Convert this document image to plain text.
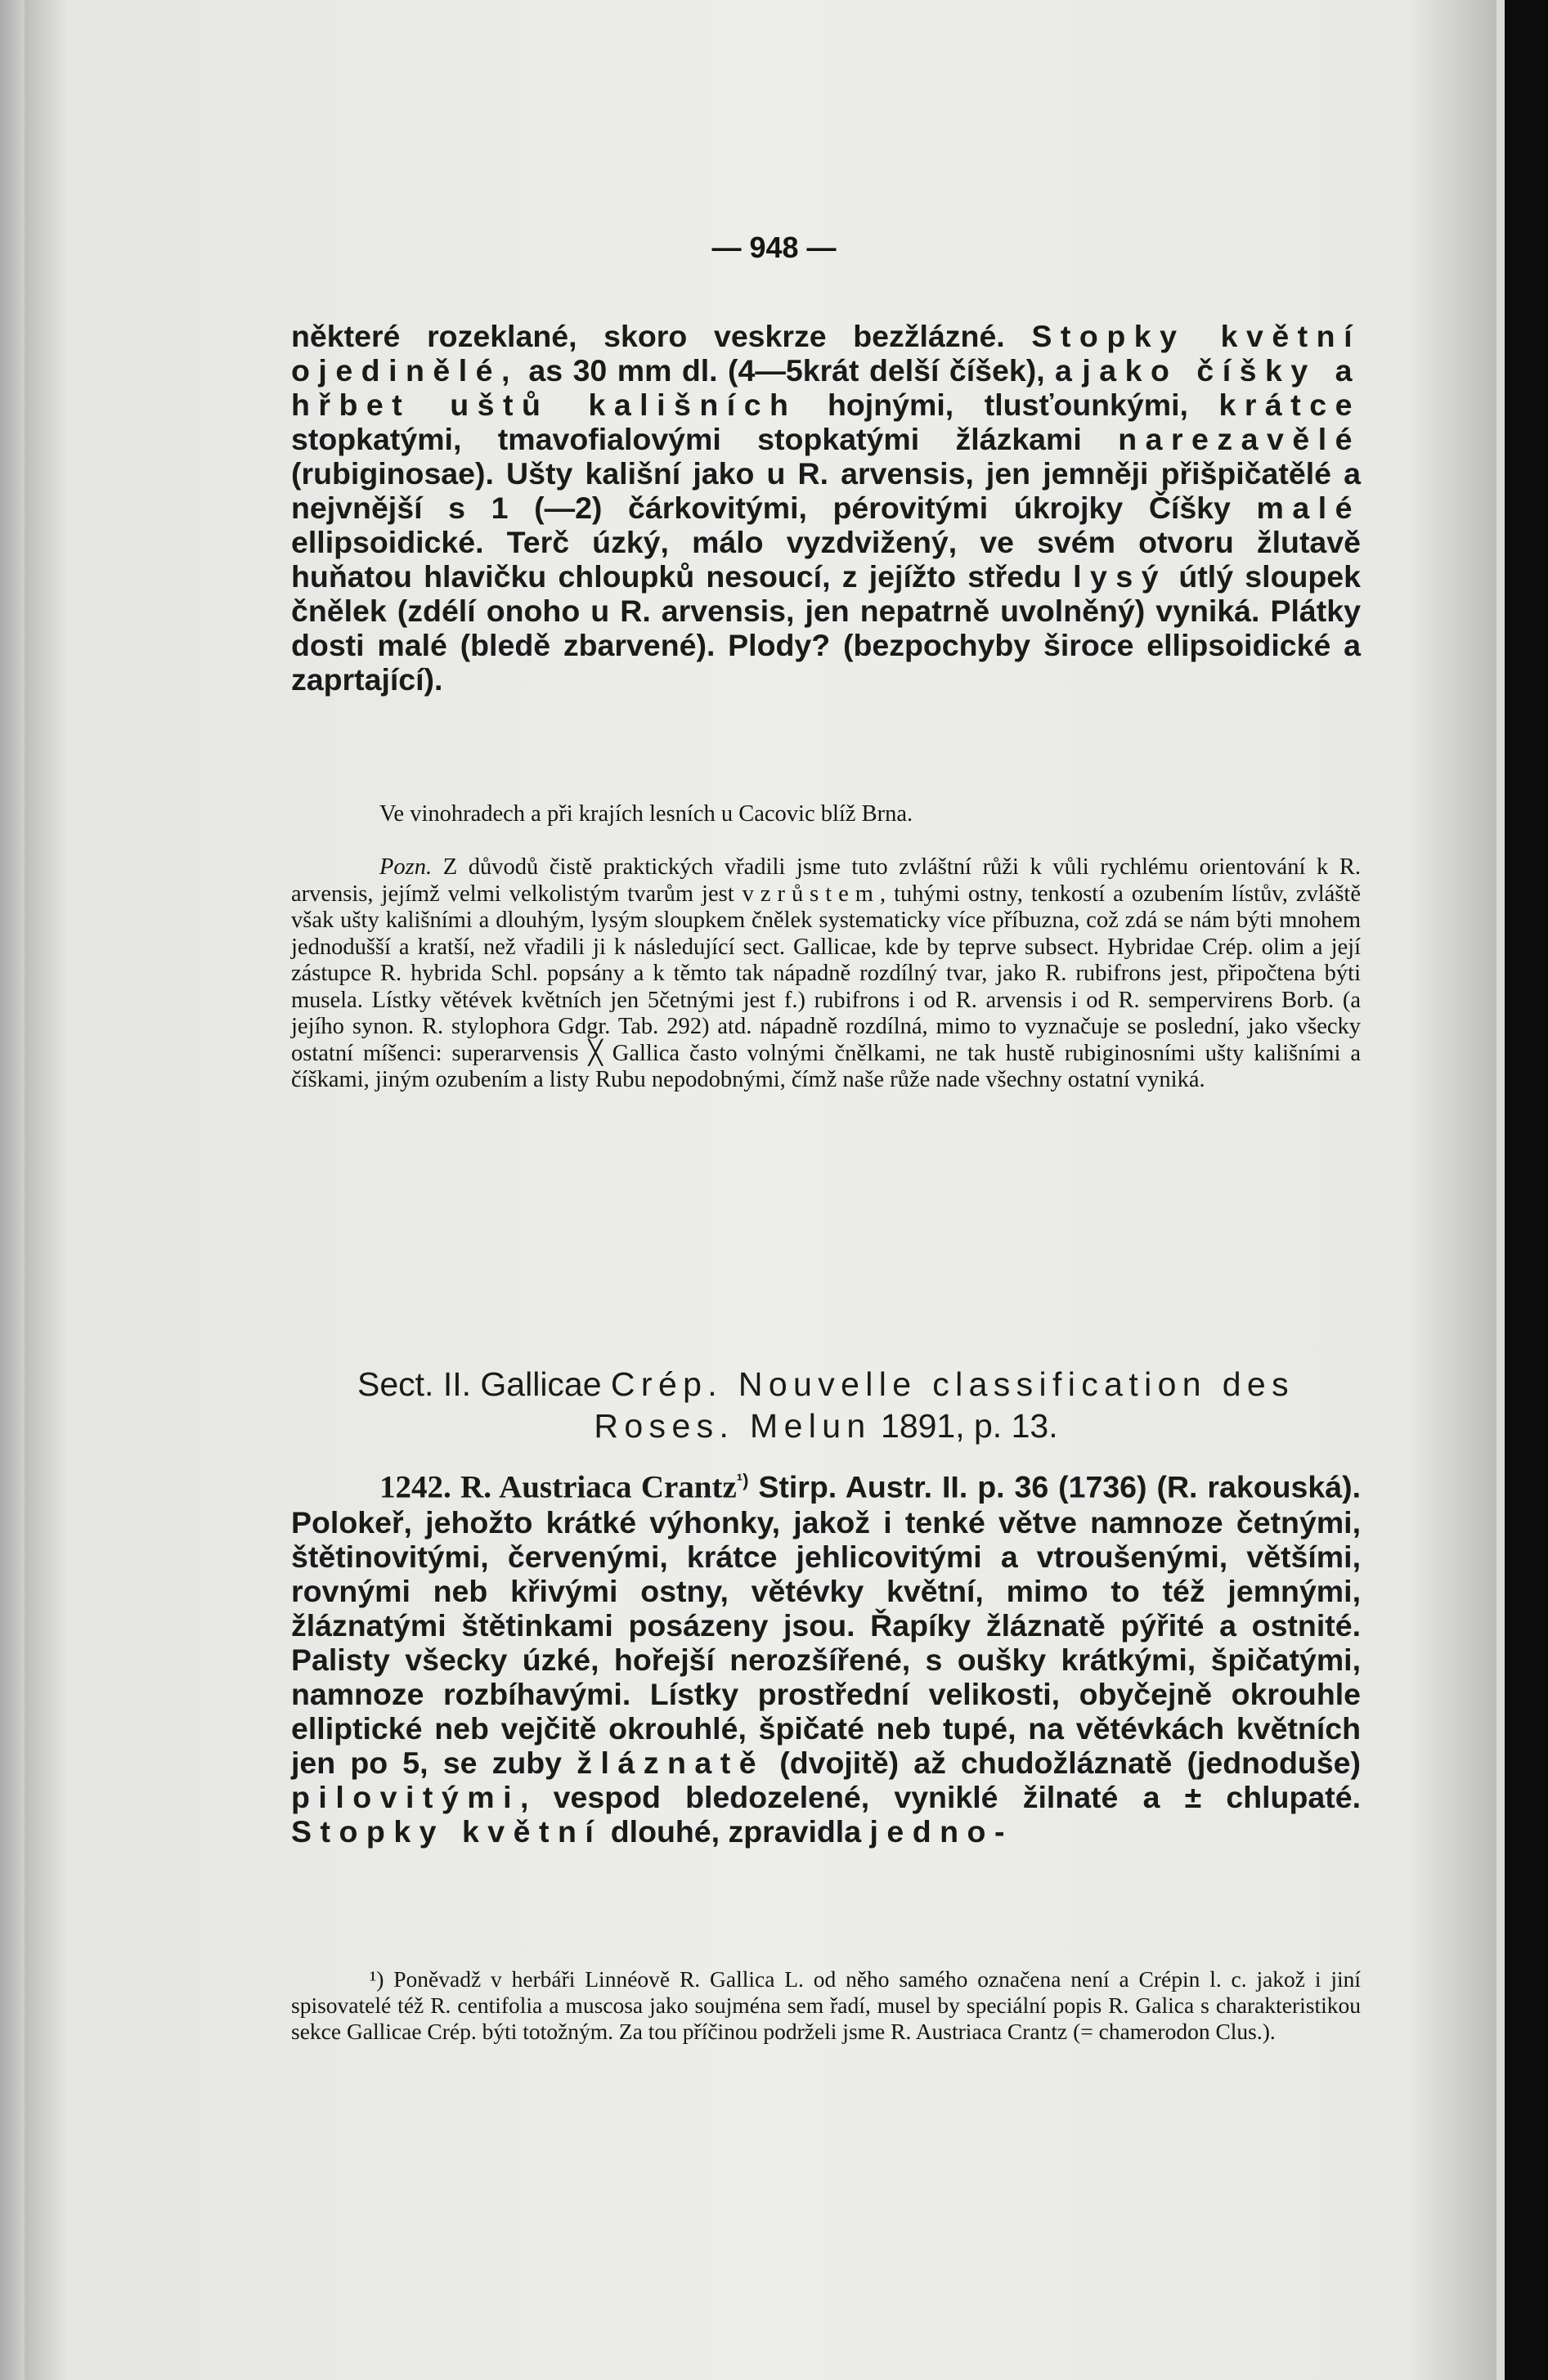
— 948 —

některé rozeklané, skoro veskrze bezžlázné. Stopky květní ojedinělé, as 30 mm dl. (4—5krát delší číšek), a jako číšky a hřbet uštů kališních hojnými, tlusťounkými, krátce stopkatými, tmavofialovými stopkatými žlázkami narezavělé (rubiginosae). Ušty kališní jako u R. arvensis, jen jemněji přišpičatělé a nejvnější s 1 (—2) čárkovitými, pérovitými úkrojky Číšky malé ellipsoidické. Terč úzký, málo vyzdvižený, ve svém otvoru žlutavě huňatou hlavičku chloupků nesoucí, z jejížto středu lysý útlý sloupek čnělek (zdélí onoho u R. arvensis, jen nepatrně uvolněný) vyniká. Plátky dosti malé (bledě zbarvené). Plody? (bezpochyby široce ellipsoidické a zaprtající).

Ve vinohradech a při krajích lesních u Cacovic blíž Brna.

Pozn. Z důvodů čistě praktických vřadili jsme tuto zvláštní růži k vůli rychlému orientování k R. arvensis, jejímž velmi velkolistým tvarům jest vzrůstem, tuhými ostny, tenkostí a ozubením lístův, zvláště však ušty kališními a dlouhým, lysým sloupkem čnělek systematicky více příbuzna, což zdá se nám býti mnohem jednodušší a kratší, než vřadili ji k následující sect. Gallicae, kde by teprve subsect. Hybridae Crép. olim a její zástupce R. hybrida Schl. popsány a k těmto tak nápadně rozdílný tvar, jako R. rubifrons jest, připočtena býti musela. Lístky větévek květních jen 5četnými jest f.) rubifrons i od R. arvensis i od R. sempervirens Borb. (a jejího synon. R. stylophora Gdgr. Tab. 292) atd. nápadně rozdílná, mimo to vyznačuje se poslední, jako všecky ostatní míšenci: superarvensis ╳ Gallica často volnými čnělkami, ne tak hustě rubiginosními ušty kališními a číškami, jiným ozubením a listy Rubu nepodobnými, čímž naše růže nade všechny ostatní vyniká.

Sect. II. Gallicae Crép. Nouvelle classification des Roses. Melun 1891, p. 13.

1242. R. Austriaca Crantz$^{^1)}$ Stirp. Austr. II. p. 36 (1736) (R. rakouská). Polokeř, jehožto krátké výhonky, jakož i tenké větve namnoze četnými, štětinovitými, červenými, krátce jehlicovitými a vtroušenými, většími, rovnými neb křivými ostny, větévky květní, mimo to též jemnými, žláznatými štětinkami posázeny jsou. Řapíky žláznatě pýřité a ostnité. Palisty všecky úzké, hořejší nerozšířené, s oušky krátkými, špičatými, namnoze rozbíhavými. Lístky prostřední velikosti, obyčejně okrouhle elliptické neb vejčitě okrouhlé, špičaté neb tupé, na větévkách květních jen po 5, se zuby žláznatě (dvojitě) až chudožláznatě (jednoduše) pilovitými, vespod bledozelené, vyniklé žilnaté a ± chlupaté. Stopky květní dlouhé, zpravidla jedno-

¹) Poněvadž v herbáři Linnéově R. Gallica L. od něho samého označena není a Crépin l. c. jakož i jiní spisovatelé též R. centifolia a muscosa jako soujména sem řadí, musel by speciální popis R. Galica s charakteristikou sekce Gallicae Crép. býti totožným. Za tou příčinou podrželi jsme R. Austriaca Crantz (= chamerodon Clus.).
